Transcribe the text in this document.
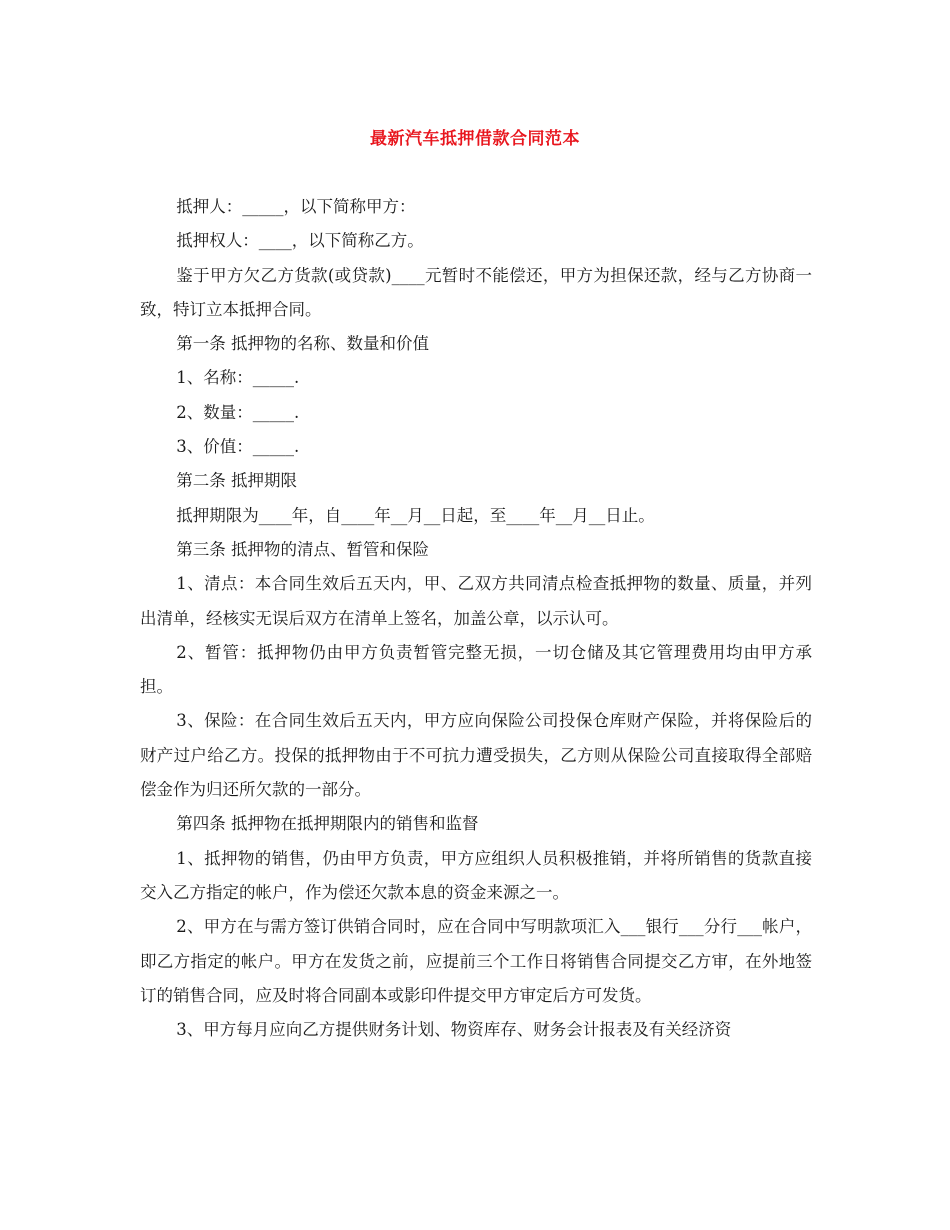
最新汽车抵押借款合同范本

抵押人：_____，以下简称甲方：

抵押权人：____，以下简称乙方。

鉴于甲方欠乙方货款(或贷款)____元暂时不能偿还，甲方为担保还款，经与乙方协商一致，特订立本抵押合同。

第一条 抵押物的名称、数量和价值

1、名称：_____.

2、数量：_____.

3、价值：_____.

第二条 抵押期限

抵押期限为____年，自____年__月__日起，至____年__月__日止。

第三条 抵押物的清点、暂管和保险

1、清点：本合同生效后五天内，甲、乙双方共同清点检查抵押物的数量、质量，并列出清单，经核实无误后双方在清单上签名，加盖公章，以示认可。

2、暂管：抵押物仍由甲方负责暂管完整无损，一切仓储及其它管理费用均由甲方承担。

3、保险：在合同生效后五天内，甲方应向保险公司投保仓库财产保险，并将保险后的财产过户给乙方。投保的抵押物由于不可抗力遭受损失，乙方则从保险公司直接取得全部赔偿金作为归还所欠款的一部分。

第四条 抵押物在抵押期限内的销售和监督

1、抵押物的销售，仍由甲方负责，甲方应组织人员积极推销，并将所销售的货款直接交入乙方指定的帐户，作为偿还欠款本息的资金来源之一。

2、甲方在与需方签订供销合同时，应在合同中写明款项汇入___银行___分行___帐户，即乙方指定的帐户。甲方在发货之前，应提前三个工作日将销售合同提交乙方审，在外地签订的销售合同，应及时将合同副本或影印件提交甲方审定后方可发货。

3、甲方每月应向乙方提供财务计划、物资库存、财务会计报表及有关经济资
